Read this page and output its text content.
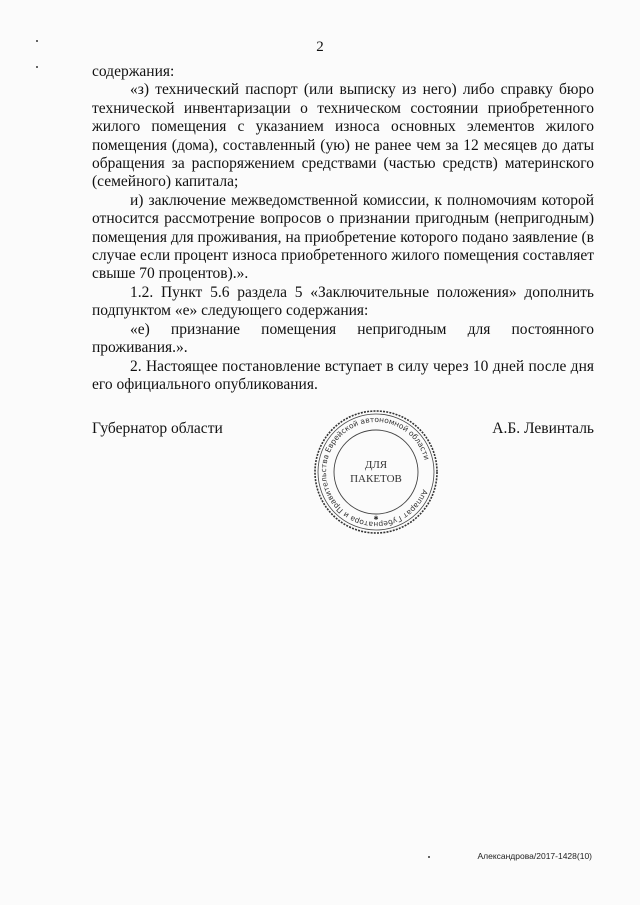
2

содержания:

«з) технический паспорт (или выписку из него) либо справку бюро технической инвентаризации о техническом состоянии приобретенного жилого помещения с указанием износа основных элементов жилого помещения (дома), составленный (ую) не ранее чем за 12 месяцев до даты обращения за распоряжением средствами (частью средств) материнского (семейного) капитала;

и) заключение межведомственной комиссии, к полномочиям которой относится рассмотрение вопросов о признании пригодным (непригодным) помещения для проживания, на приобретение которого подано заявление (в случае если процент износа приобретенного жилого помещения составляет свыше 70 процентов).».

1.2. Пункт 5.6 раздела 5 «Заключительные положения» дополнить подпунктом «е» следующего содержания:

«е) признание помещения непригодным для постоянного проживания.».

2. Настоящее постановление вступает в силу через 10 дней после дня его официального опубликования.

Губернатор области	А.Б. Левинталь
Аппарат Губернатора и Правительства Еврейской автономной области
ДЛЯ
ПАКЕТОВ
✱
Александрова/2017-1428(10)
